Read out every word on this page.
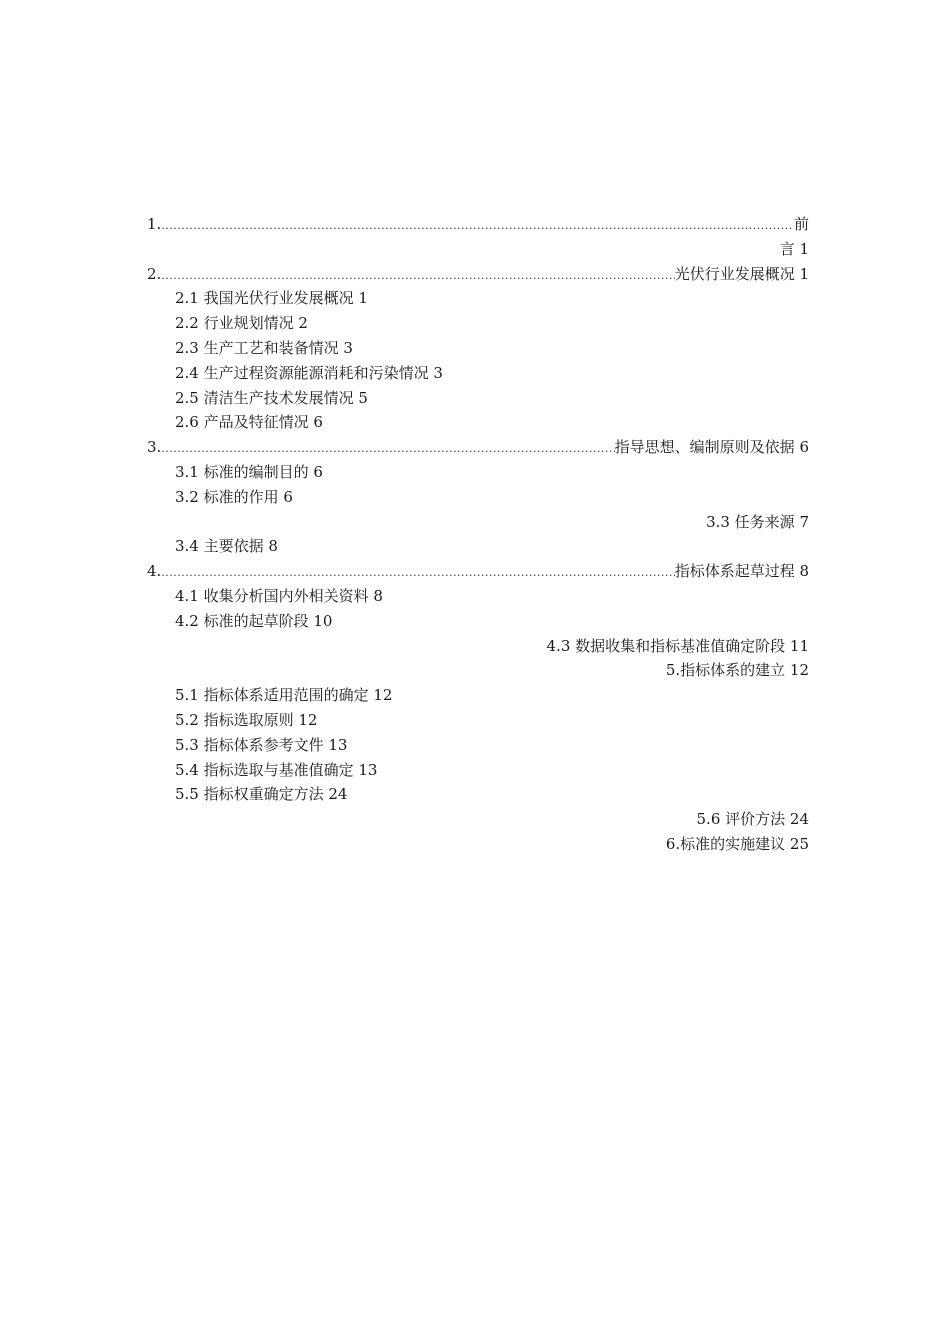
1. .....	前
言 1
2. .....	光伏行业发展概况 1
2.1 我国光伏行业发展概况 1
2.2 行业规划情况 2
2.3 生产工艺和装备情况 3
2.4 生产过程资源能源消耗和污染情况 3
2.5 清洁生产技术发展情况 5
2.6 产品及特征情况 6
3. .....	指导思想、编制原则及依据 6
3.1 标准的编制目的 6
3.2 标准的作用 6
3.3 任务来源 7
3.4 主要依据 8
4. .....	指标体系起草过程 8
4.1 收集分析国内外相关资料 8
4.2 标准的起草阶段 10
4.3 数据收集和指标基准值确定阶段 11
5.指标体系的建立 12
5.1 指标体系适用范围的确定 12
5.2 指标选取原则 12
5.3 指标体系参考文件 13
5.4 指标选取与基准值确定 13
5.5 指标权重确定方法 24
5.6 评价方法 24
6.标准的实施建议 25
